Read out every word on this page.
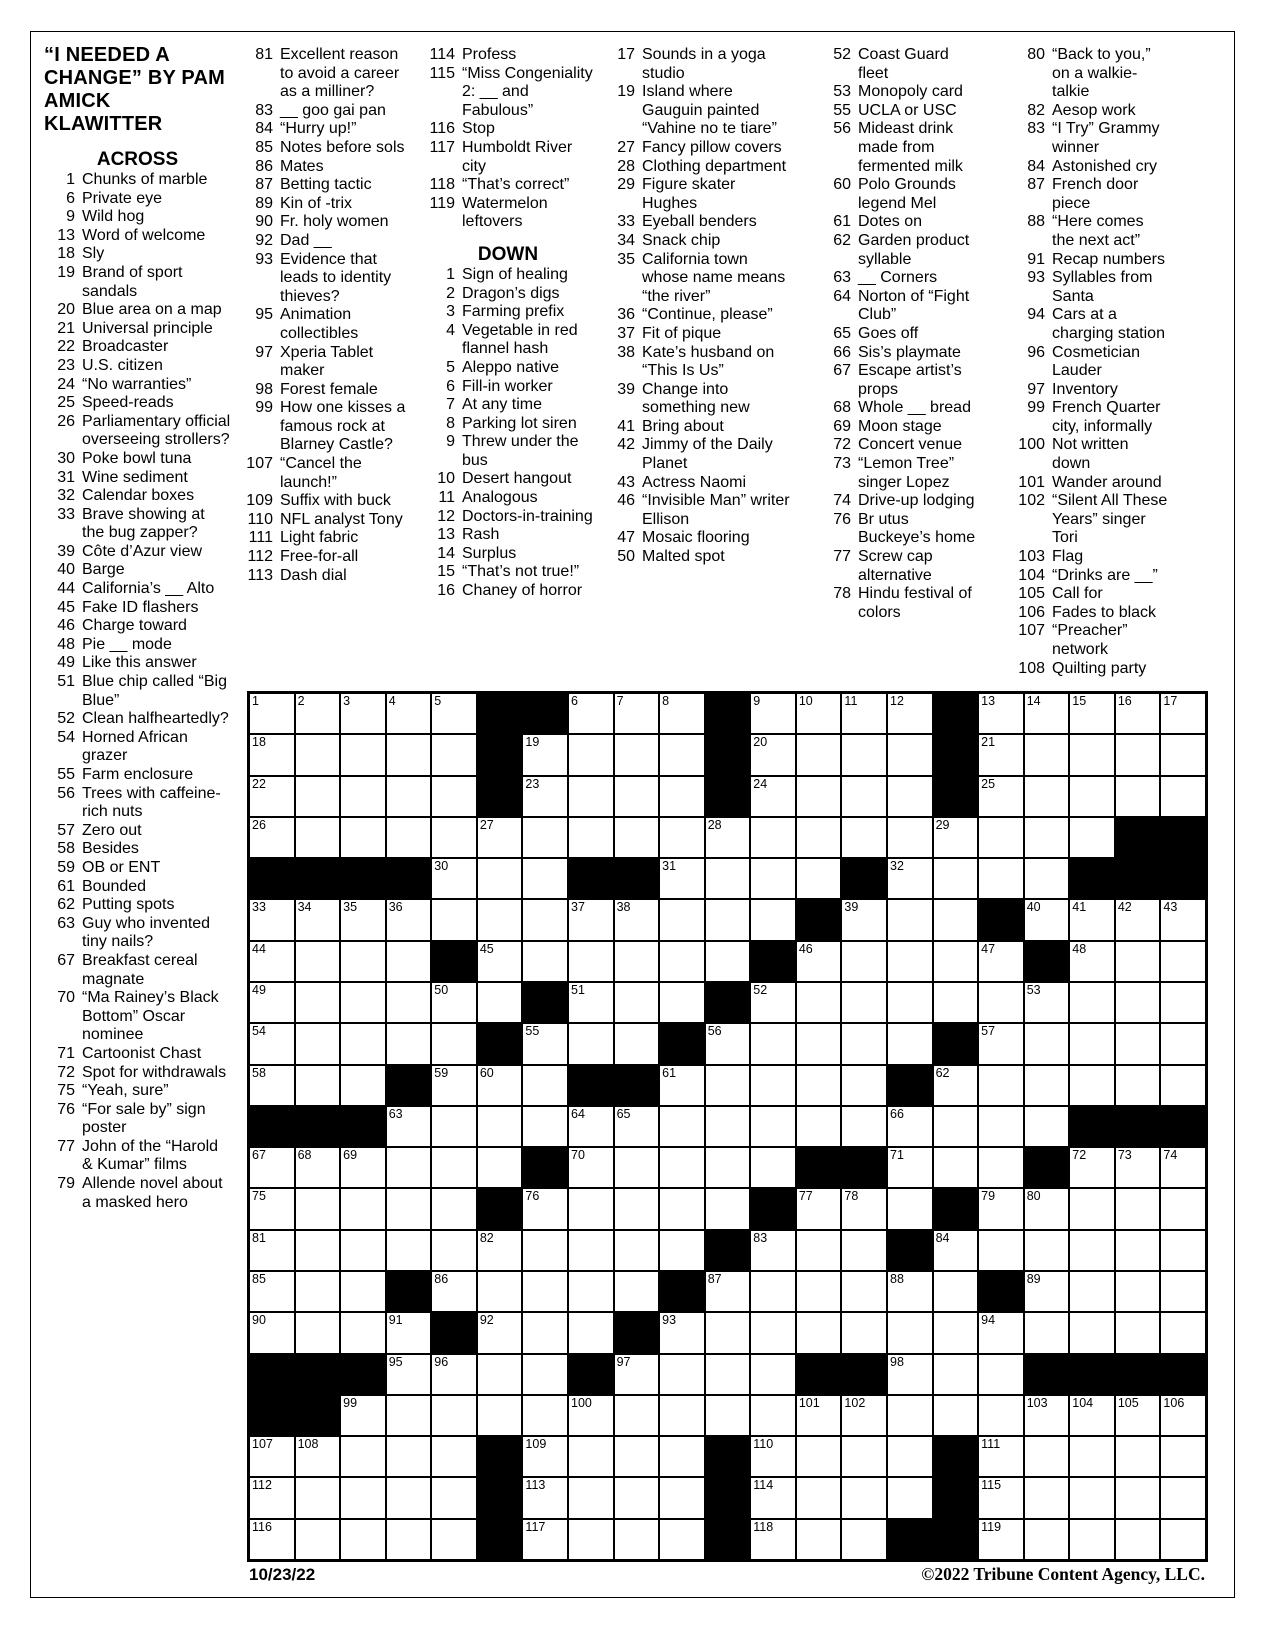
“I NEEDED A CHANGE” BY PAM AMICK KLAWITTER
ACROSS
1 Chunks of marble
6 Private eye
9 Wild hog
13 Word of welcome
18 Sly
19 Brand of sport sandals
20 Blue area on a map
21 Universal principle
22 Broadcaster
23 U.S. citizen
24 “No warranties”
25 Speed-reads
26 Parliamentary official overseeing strollers?
30 Poke bowl tuna
31 Wine sediment
32 Calendar boxes
33 Brave showing at the bug zapper?
39 Côte d’Azur view
40 Barge
44 California’s __ Alto
45 Fake ID flashers
46 Charge toward
48 Pie __ mode
49 Like this answer
51 Blue chip called “Big Blue”
52 Clean halfheartedly?
54 Horned African grazer
55 Farm enclosure
56 Trees with caffeine-rich nuts
57 Zero out
58 Besides
59 OB or ENT
61 Bounded
62 Putting spots
63 Guy who invented tiny nails?
67 Breakfast cereal magnate
70 “Ma Rainey’s Black Bottom” Oscar nominee
71 Cartoonist Chast
72 Spot for withdrawals
75 “Yeah, sure”
76 “For sale by” sign poster
77 John of the “Harold & Kumar” films
79 Allende novel about a masked hero
81 Excellent reason to avoid a career as a milliner?
83 __ goo gai pan
84 “Hurry up!”
85 Notes before sols
86 Mates
87 Betting tactic
89 Kin of -trix
90 Fr. holy women
92 Dad __
93 Evidence that leads to identity thieves?
95 Animation collectibles
97 Xperia Tablet maker
98 Forest female
99 How one kisses a famous rock at Blarney Castle?
107 “Cancel the launch!”
109 Suffix with buck
110 NFL analyst Tony
111 Light fabric
112 Free-for-all
113 Dash dial
114 Profess
115 “Miss Congeniality 2: __ and Fabulous”
116 Stop
117 Humboldt River city
118 “That’s correct”
119 Watermelon leftovers
DOWN
1 Sign of healing
2 Dragon’s digs
3 Farming prefix
4 Vegetable in red flannel hash
5 Aleppo native
6 Fill-in worker
7 At any time
8 Parking lot siren
9 Threw under the bus
10 Desert hangout
11 Analogous
12 Doctors-in-training
13 Rash
14 Surplus
15 “That’s not true!”
16 Chaney of horror
17 Sounds in a yoga studio
19 Island where Gauguin painted “Vahine no te tiare”
27 Fancy pillow covers
28 Clothing department
29 Figure skater Hughes
33 Eyeball benders
34 Snack chip
35 California town whose name means “the river”
36 “Continue, please”
37 Fit of pique
38 Kate’s husband on “This Is Us”
39 Change into something new
41 Bring about
42 Jimmy of the Daily Planet
43 Actress Naomi
46 “Invisible Man” writer Ellison
47 Mosaic flooring
50 Malted spot
52 Coast Guard fleet
53 Monopoly card
55 UCLA or USC
56 Mideast drink made from fermented milk
60 Polo Grounds legend Mel
61 Dotes on
62 Garden product syllable
63 __ Corners
64 Norton of “Fight Club”
65 Goes off
66 Sis’s playmate
67 Escape artist’s props
68 Whole __ bread
69 Moon stage
72 Concert venue
73 “Lemon Tree” singer Lopez
74 Drive-up lodging
76 Br utus Buckeye’s home
77 Screw cap alternative
78 Hindu festival of colors
80 “Back to you,” on a walkie-talkie
82 Aesop work
83 “I Try” Grammy winner
84 Astonished cry
87 French door piece
88 “Here comes the next act”
91 Recap numbers
93 Syllables from Santa
94 Cars at a charging station
96 Cosmetician Lauder
97 Inventory
99 French Quarter city, informally
100 Not written down
101 Wander around
102 “Silent All These Years” singer Tori
103 Flag
104 “Drinks are __”
105 Call for
106 Fades to black
107 “Preacher” network
108 Quilting party
1	2	3	4	5	6	7	8	9	10	11	12	13	14	15	16	17
18	19	20	21
22	23	24	25
26	27	28	29
30	31	32
33	34	35	36	37	38	39	40	41	42	43
44	45	46	47	48
49	50	51	52	53
54	55	56	57
58	59	60	61	62
63	64	65	66
67	68	69	70	71	72	73	74
75	76	77	78	79	80
81	82	83	84
85	86	87	88	89
90	91	92	93	94
95	96	97	98
99	100	101 102	103 104 105 106
107 108	109	110	111
112	113	114	115
116	117	118	119
10/23/22	©2022 Tribune Content Agency, LLC.
